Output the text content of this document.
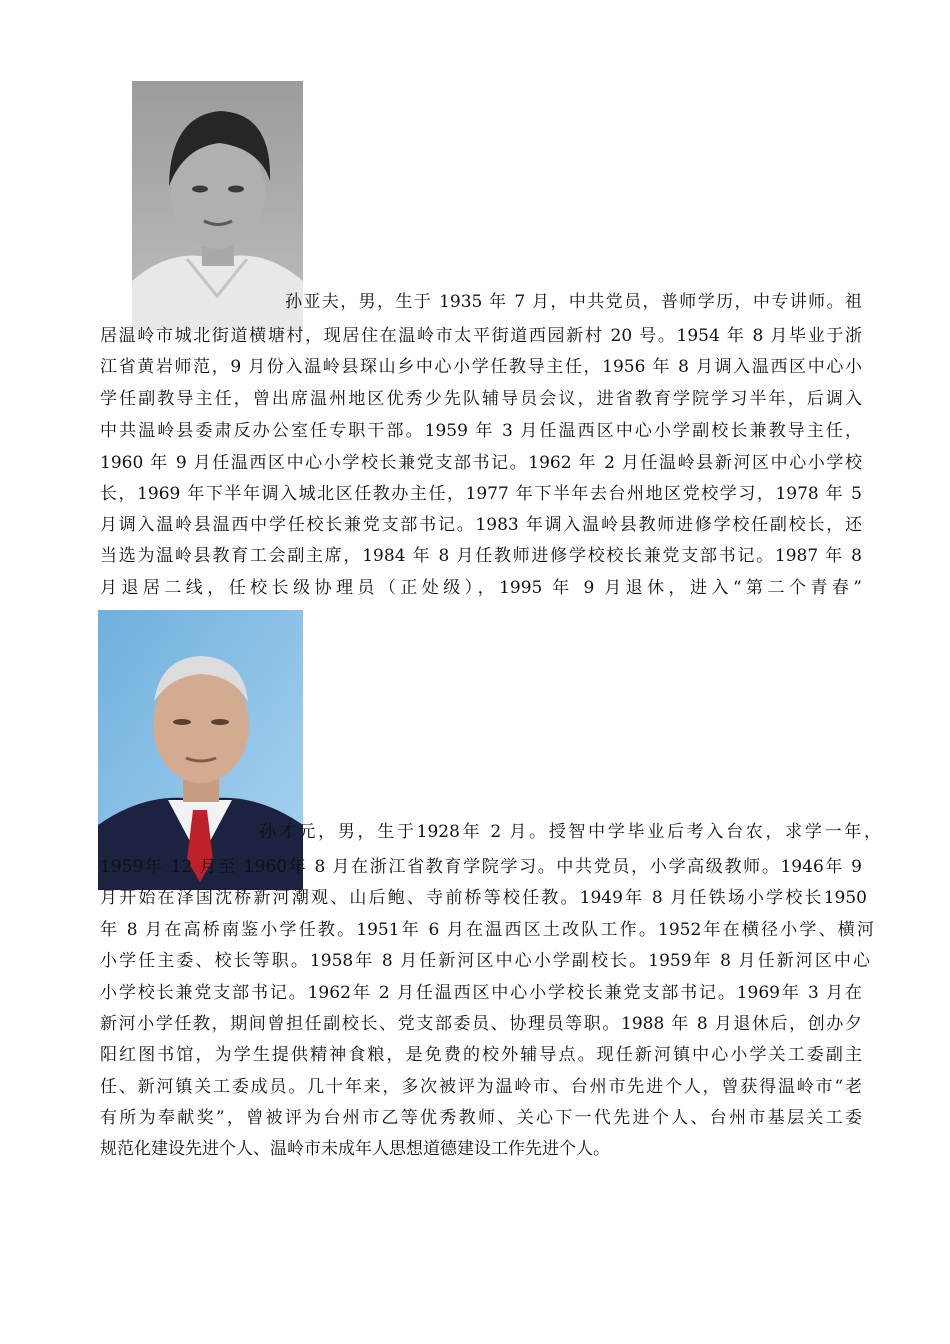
孙亚夫，男，生于 1935 年 7 月，中共党员，普师学历，中专讲师。祖
居温岭市城北街道横塘村，现居住在温岭市太平街道西园新村 20 号。1954 年 8 月毕业于浙
江省黄岩师范，9 月份入温岭县琛山乡中心小学任教导主任，1956 年 8 月调入温西区中心小
学任副教导主任，曾出席温州地区优秀少先队辅导员会议，进省教育学院学习半年，后调入
中共温岭县委肃反办公室任专职干部。1959 年 3 月任温西区中心小学副校长兼教导主任，
1960 年 9 月任温西区中心小学校长兼党支部书记。1962 年 2 月任温岭县新河区中心小学校
长，1969 年下半年调入城北区任教办主任，1977 年下半年去台州地区党校学习，1978 年 5
月调入温岭县温西中学任校长兼党支部书记。1983 年调入温岭县教师进修学校任副校长，还
当选为温岭县教育工会副主席，1984 年 8 月任教师进修学校校长兼党支部书记。1987 年 8
月退居二线，任校长级协理员（正处级），1995 年 9 月退休，进入“第二个青春”
孙才元，男，生于1928年 2 月。授智中学毕业后考入台农，求学一年，
1959年 12 月至 1960年 8 月在浙江省教育学院学习。中共党员，小学高级教师。1946年 9
月开始在泽国沈桥新河潮观、山后鲍、寺前桥等校任教。1949年 8 月任铁场小学校长1950
年 8 月在高桥南鉴小学任教。1951年 6 月在温西区土改队工作。1952年在横径小学、横河
小学任主委、校长等职。1958年 8 月任新河区中心小学副校长。1959年 8 月任新河区中心
小学校长兼党支部书记。1962年 2 月任温西区中心小学校长兼党支部书记。1969年 3 月在
新河小学任教，期间曾担任副校长、党支部委员、协理员等职。1988 年 8 月退休后，创办夕
阳红图书馆，为学生提供精神食粮，是免费的校外辅导点。现任新河镇中心小学关工委副主
任、新河镇关工委成员。几十年来，多次被评为温岭市、台州市先进个人，曾获得温岭市“老
有所为奉献奖”，曾被评为台州市乙等优秀教师、关心下一代先进个人、台州市基层关工委
规范化建设先进个人、温岭市未成年人思想道德建设工作先进个人。
